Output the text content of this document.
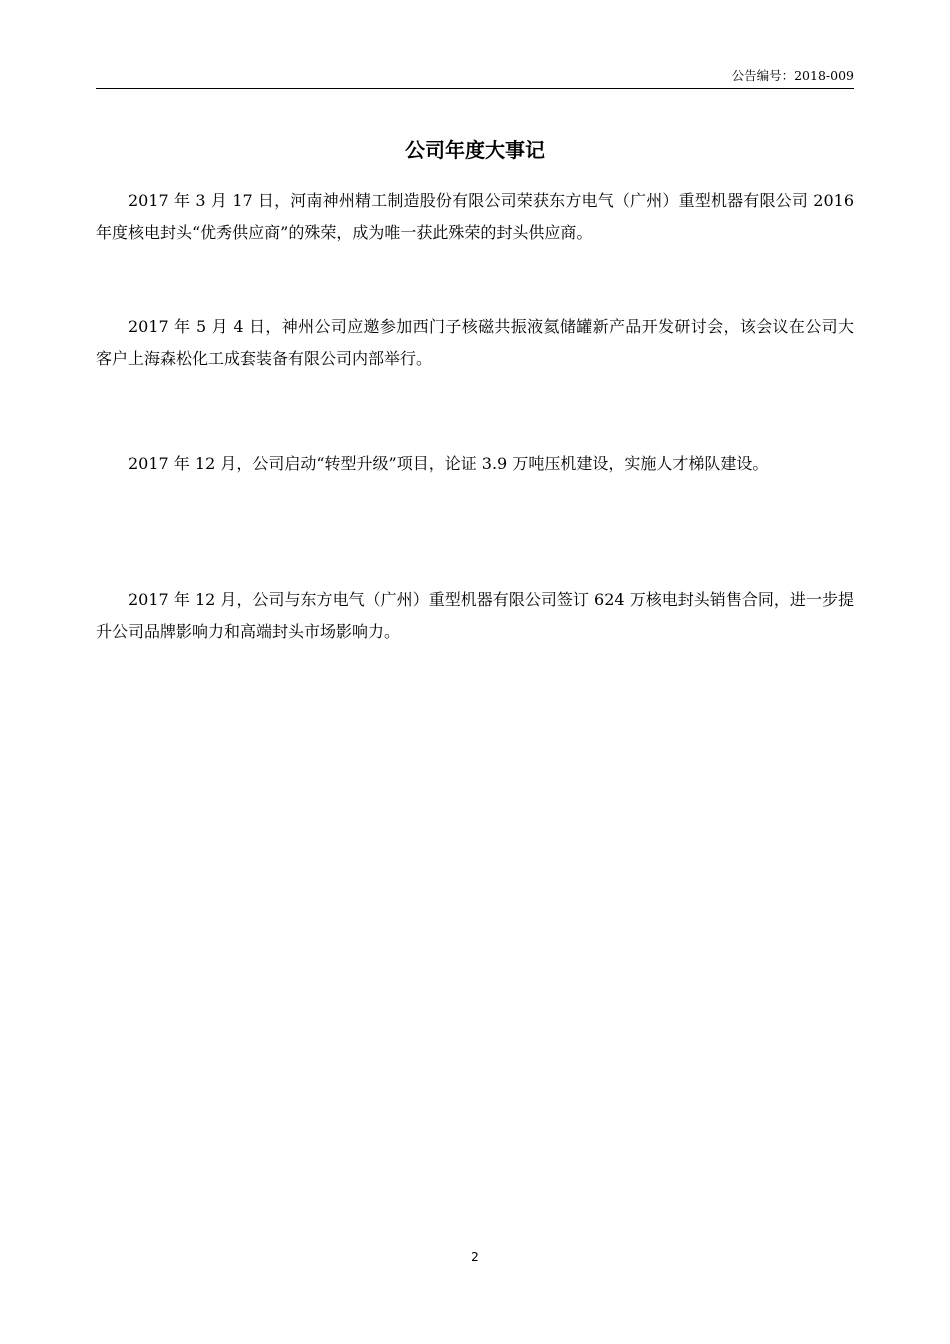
公告编号：2018-009
公司年度大事记

2017 年 3 月 17 日，河南神州精工制造股份有限公司荣获东方电气（广州）重型机器有限公司 2016 年度核电封头“优秀供应商”的殊荣，成为唯一获此殊荣的封头供应商。

2017 年 5 月 4 日，神州公司应邀参加西门子核磁共振液氦储罐新产品开发研讨会，该会议在公司大客户上海森松化工成套装备有限公司内部举行。

2017 年 12 月，公司启动“转型升级”项目，论证 3.9 万吨压机建设，实施人才梯队建设。

2017 年 12 月，公司与东方电气（广州）重型机器有限公司签订 624 万核电封头销售合同，进一步提升公司品牌影响力和高端封头市场影响力。

2
